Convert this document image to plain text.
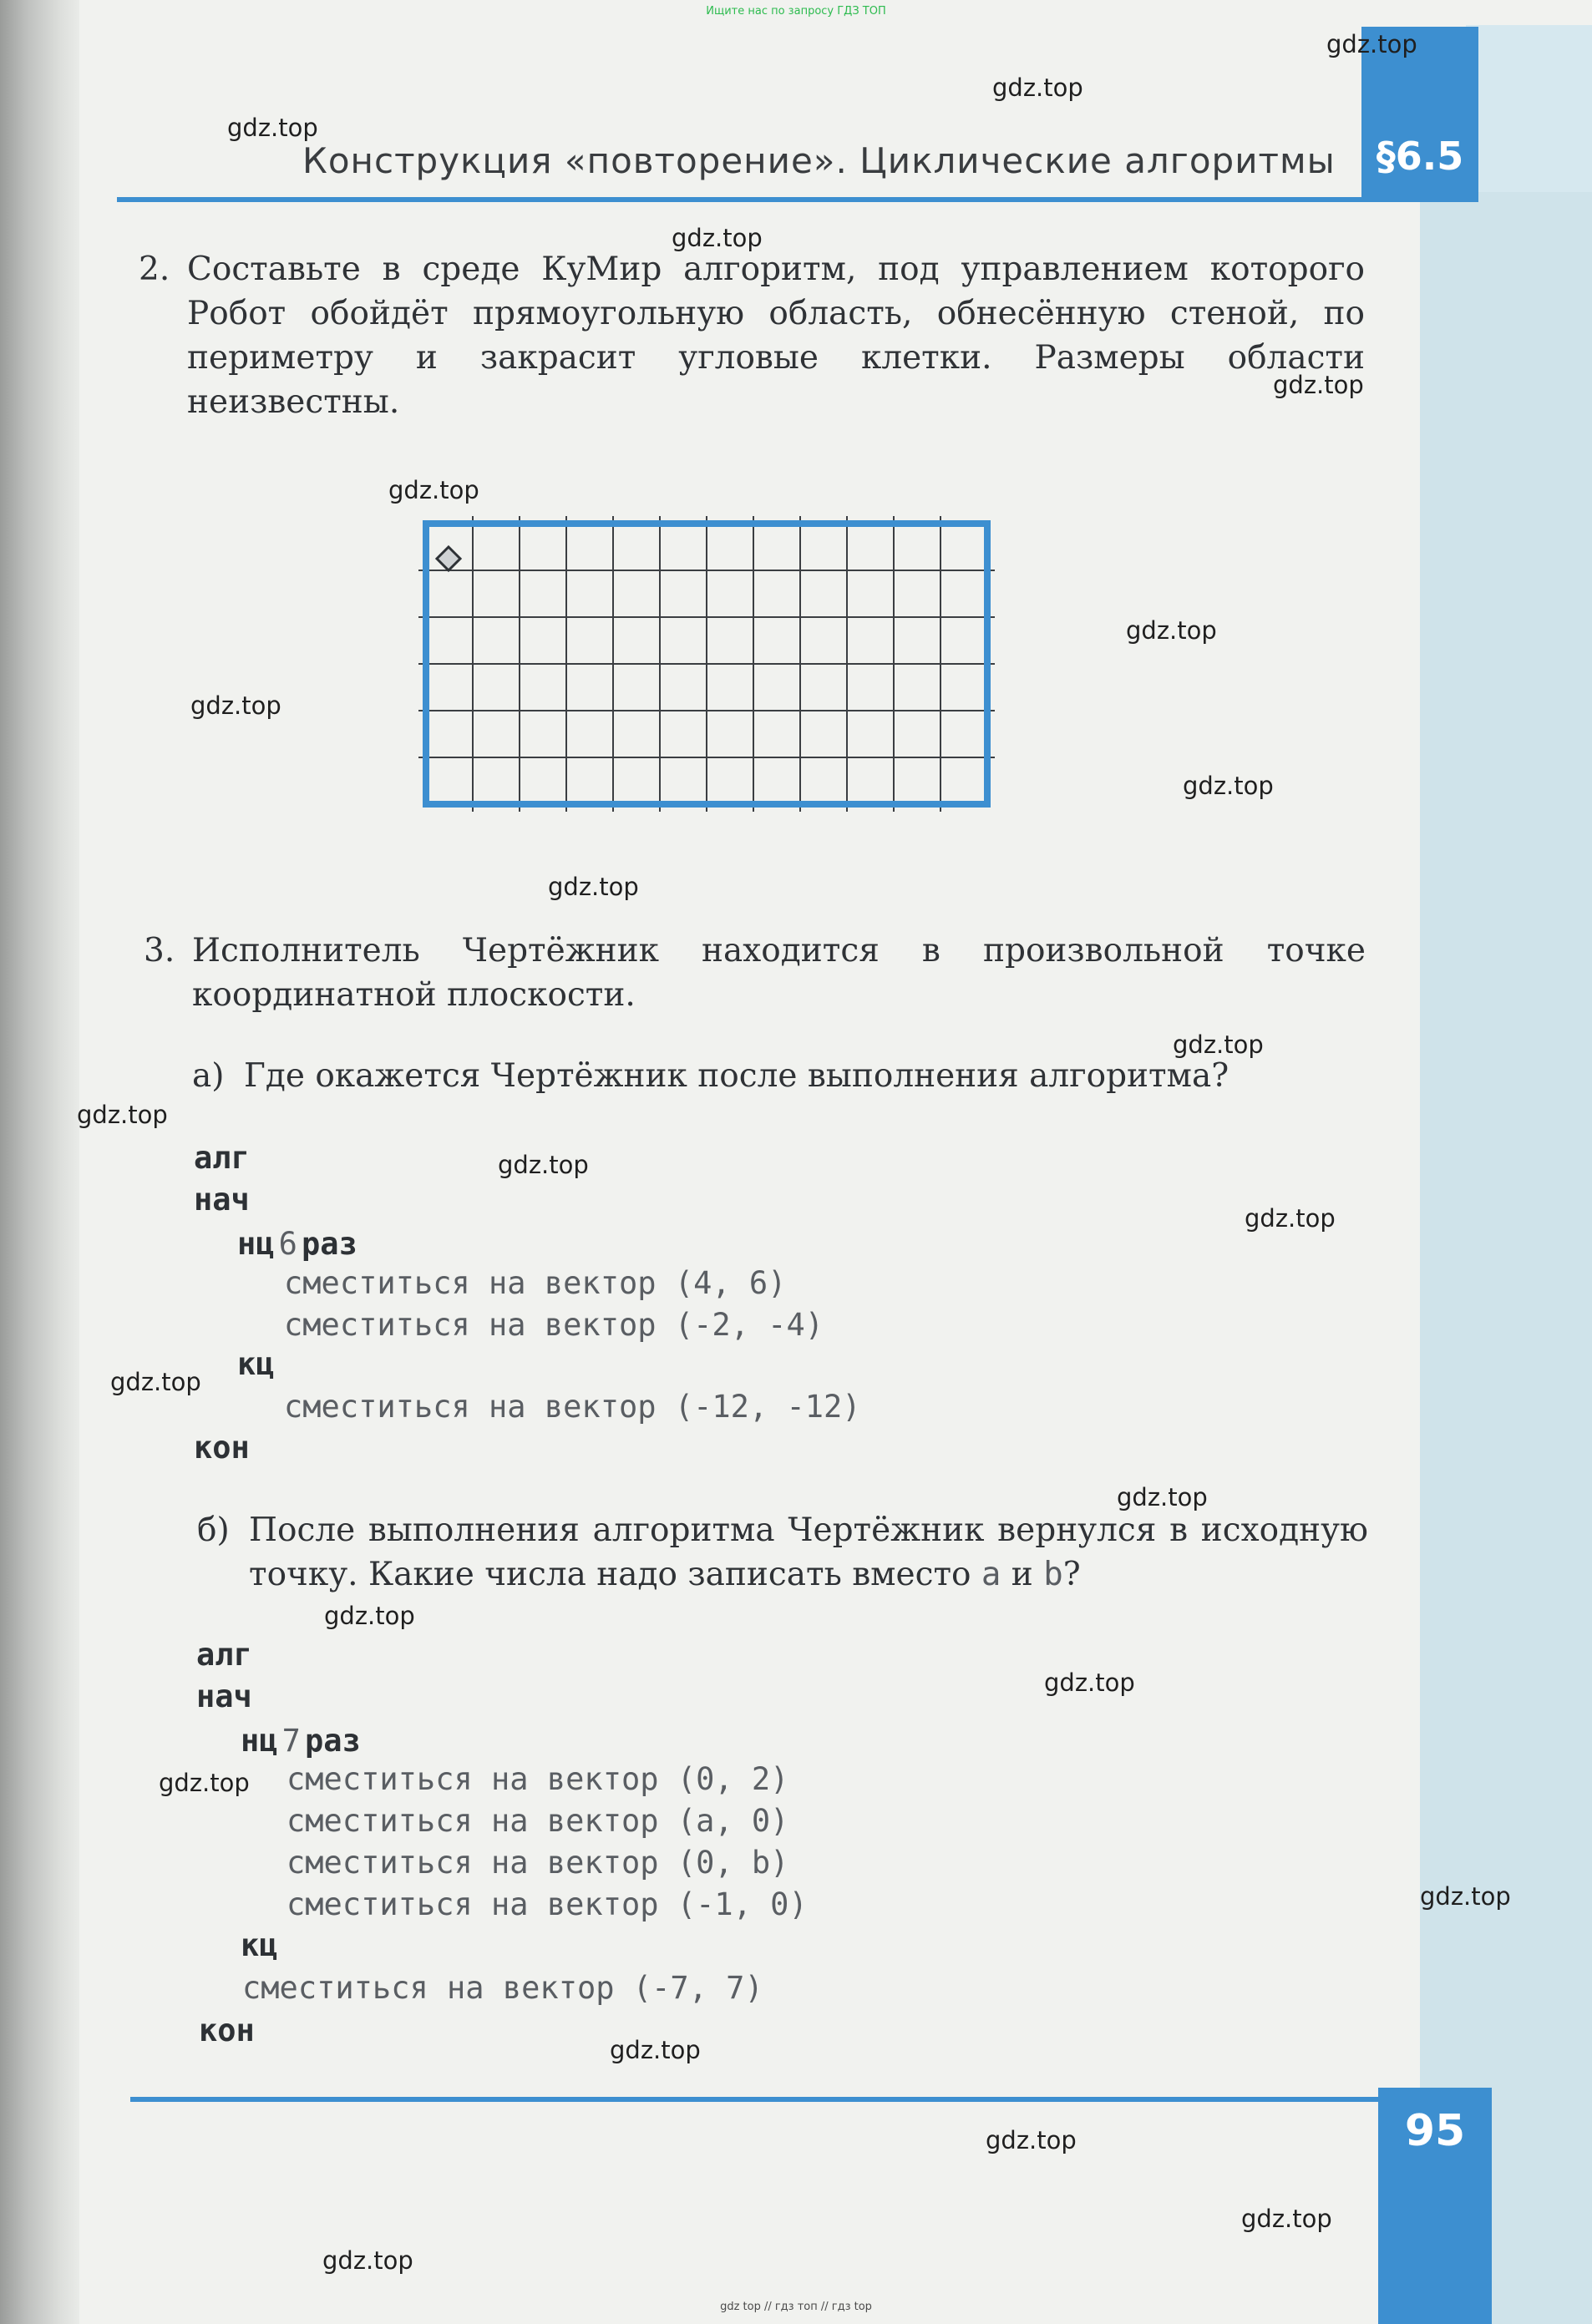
Ищите нас по запросу ГДЗ ТОП
§6.5
Конструкция «повторение». Циклические алгоритмы
2. Составьте в среде КуМир алгоритм, под управлением которого Робот обойдёт прямоугольную область, обнесённую стеной, по периметру и закрасит угловые клетки. Размеры области неизвестны.
3. Исполнитель Чертёжник находится в произвольной точке координатной плоскости.
а) Где окажется Чертёжник после выполнения алгоритма?
алг
нач
нц 6 раз
сместиться на вектор (4, 6)
сместиться на вектор (-2, -4)
кц
сместиться на вектор (-12, -12)
кон
б) После выполнения алгоритма Чертёжник вернулся в исходную точку. Какие числа надо записать вместо a и b?
алг
нач
нц 7 раз
сместиться на вектор (0, 2)
сместиться на вектор (a, 0)
сместиться на вектор (0, b)
сместиться на вектор (-1, 0)
кц
сместиться на вектор (-7, 7)
кон
95
gdz.top
gdz.top
gdz.top
gdz.top
gdz.top
gdz.top
gdz.top
gdz.top
gdz.top
gdz.top
gdz.top
gdz.top
gdz.top
gdz.top
gdz.top
gdz.top
gdz.top
gdz.top
gdz.top
gdz.top
gdz.top
gdz.top
gdz.top
gdz.top
gdz top // гдз топ // гдз top
